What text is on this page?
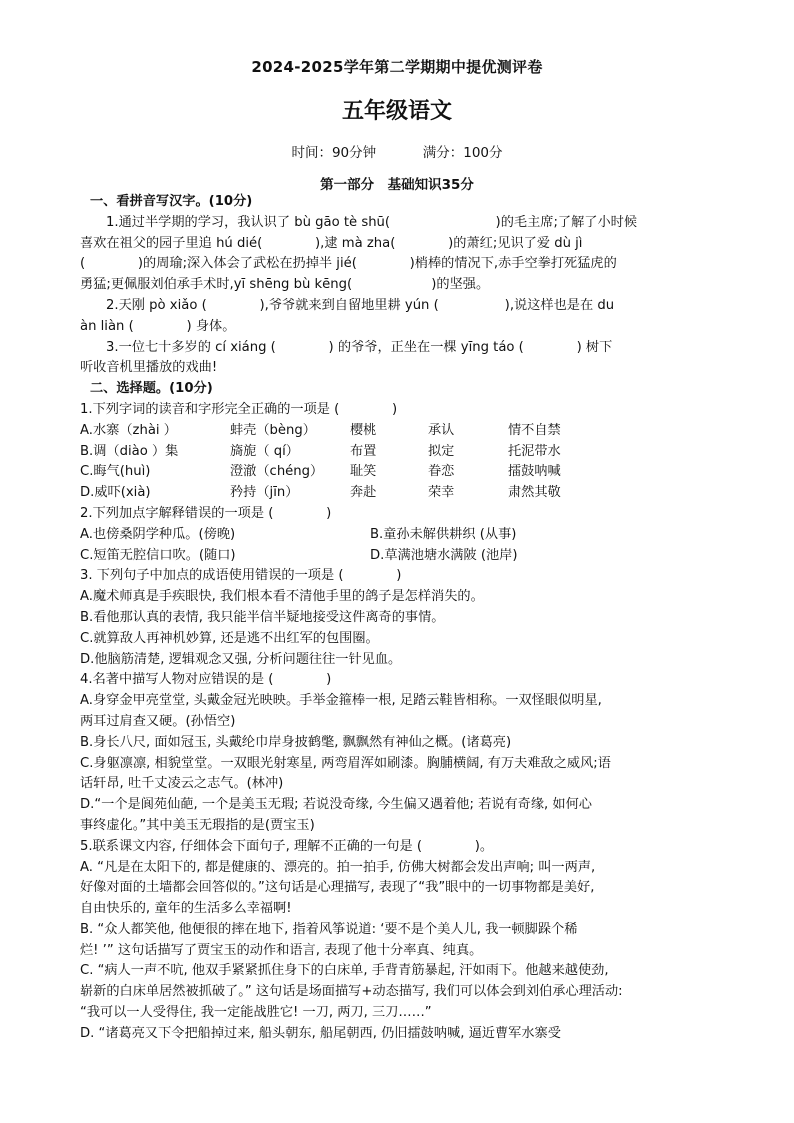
2024-2025学年第二学期期中提优测评卷
五年级语文
时间：90分钟	满分：100分
第一部分　基础知识35分
一、看拼音写汉字。(10分)
1.通过半学期的学习，我认识了 bù gāo tè shū(　　　　　　　　)的毛主席;了解了小时候
喜欢在祖父的园子里追 hú dié(　　　　),逮 mà zha(　　　　)的萧红;见识了爱 dù jì
(　　　　)的周瑜;深入体会了武松在扔掉半 jié(　　　　)梢棒的情况下,赤手空拳打死猛虎的
勇猛;更佩服刘伯承手术时,yī shēng bù kēng(　　　　　　)的坚强。
2.天刚 pò xiǎo (　　　　),爷爷就来到自留地里耕 yún (　　　　　),说这样也是在 du
àn liàn (　　　　) 身体。
3.一位七十多岁的 cí xiáng (　　　　) 的爷爷，正坐在一棵 yīng táo (　　　　) 树下
听收音机里播放的戏曲!
二、选择题。(10分)
1.下列字词的读音和字形完全正确的一项是 (　　　　)
A.水寨（zhài ）	蚌壳（bèng）	樱桃	承认	情不自禁
B.调（diào ）集	旖旎（ qí）	布置	拟定	托泥带水
C.晦气(huì)	澄澈（chéng）	耻笑	眷恋	擂鼓呐喊
D.威吓(xià)	矜持（jīn）	奔赴	荣幸	肃然其敬
2.下列加点字解释错误的一项是 (　　　　)
A.也傍桑阴学种瓜。(傍晚)	B.童孙未解供耕织 (从事)
C.短笛无腔信口吹。(随口)	D.草满池塘水满陂 (池岸)
3. 下列句子中加点的成语使用错误的一项是 (　　　　)
A.魔术师真是手疾眼快, 我们根本看不清他手里的鸽子是怎样消失的。
B.看他那认真的表情, 我只能半信半疑地接受这件离奇的事情。
C.就算敌人再神机妙算, 还是逃不出红军的包围圈。
D.他脑筋清楚, 逻辑观念又强, 分析问题往往一针见血。
4.名著中描写人物对应错误的是 (　　　　)
A.身穿金甲亮堂堂, 头戴金冠光映映。手举金箍棒一根, 足踏云鞋皆相称。一双怪眼似明星,
两耳过肩查又硬。(孙悟空)
B.身长八尺, 面如冠玉, 头戴纶巾岸身披鹤氅, 飘飘然有神仙之概。(诸葛亮)
C.身躯凛凛, 相貌堂堂。一双眼光射寒星, 两弯眉浑如刷漆。胸脯横阔, 有万夫难敌之威风;语
话轩昂, 吐千丈凌云之志气。(林冲)
D.“一个是阆苑仙葩, 一个是美玉无瑕; 若说没奇缘, 今生偏又遇着他; 若说有奇缘, 如何心
事终虚化。”其中美玉无瑕指的是(贾宝玉)
5.联系课文内容, 仔细体会下面句子, 理解不正确的一句是 (　　　　)。
A. “凡是在太阳下的, 都是健康的、漂亮的。拍一拍手, 仿佛大树都会发出声响; 叫一两声,
好像对面的土墙都会回答似的。”这句话是心理描写, 表现了“我”眼中的一切事物都是美好,
自由快乐的, 童年的生活多么幸福啊!
B. “众人都笑他, 他便很的摔在地下, 指着风筝说道: ‘要不是个美人儿, 我一顿脚跺个稀
烂! ’” 这句话描写了贾宝玉的动作和语言, 表现了他十分率真、纯真。
C. “病人一声不吭, 他双手紧紧抓住身下的白床单, 手背青筋暴起, 汗如雨下。他越来越使劲,
崭新的白床单居然被抓破了。” 这句话是场面描写+动态描写, 我们可以体会到刘伯承心理活动:
“我可以一人受得住, 我一定能战胜它! 一刀, 两刀, 三刀……”
D. “诸葛亮又下令把船掉过来, 船头朝东, 船尾朝西, 仍旧擂鼓呐喊, 逼近曹军水寨受
